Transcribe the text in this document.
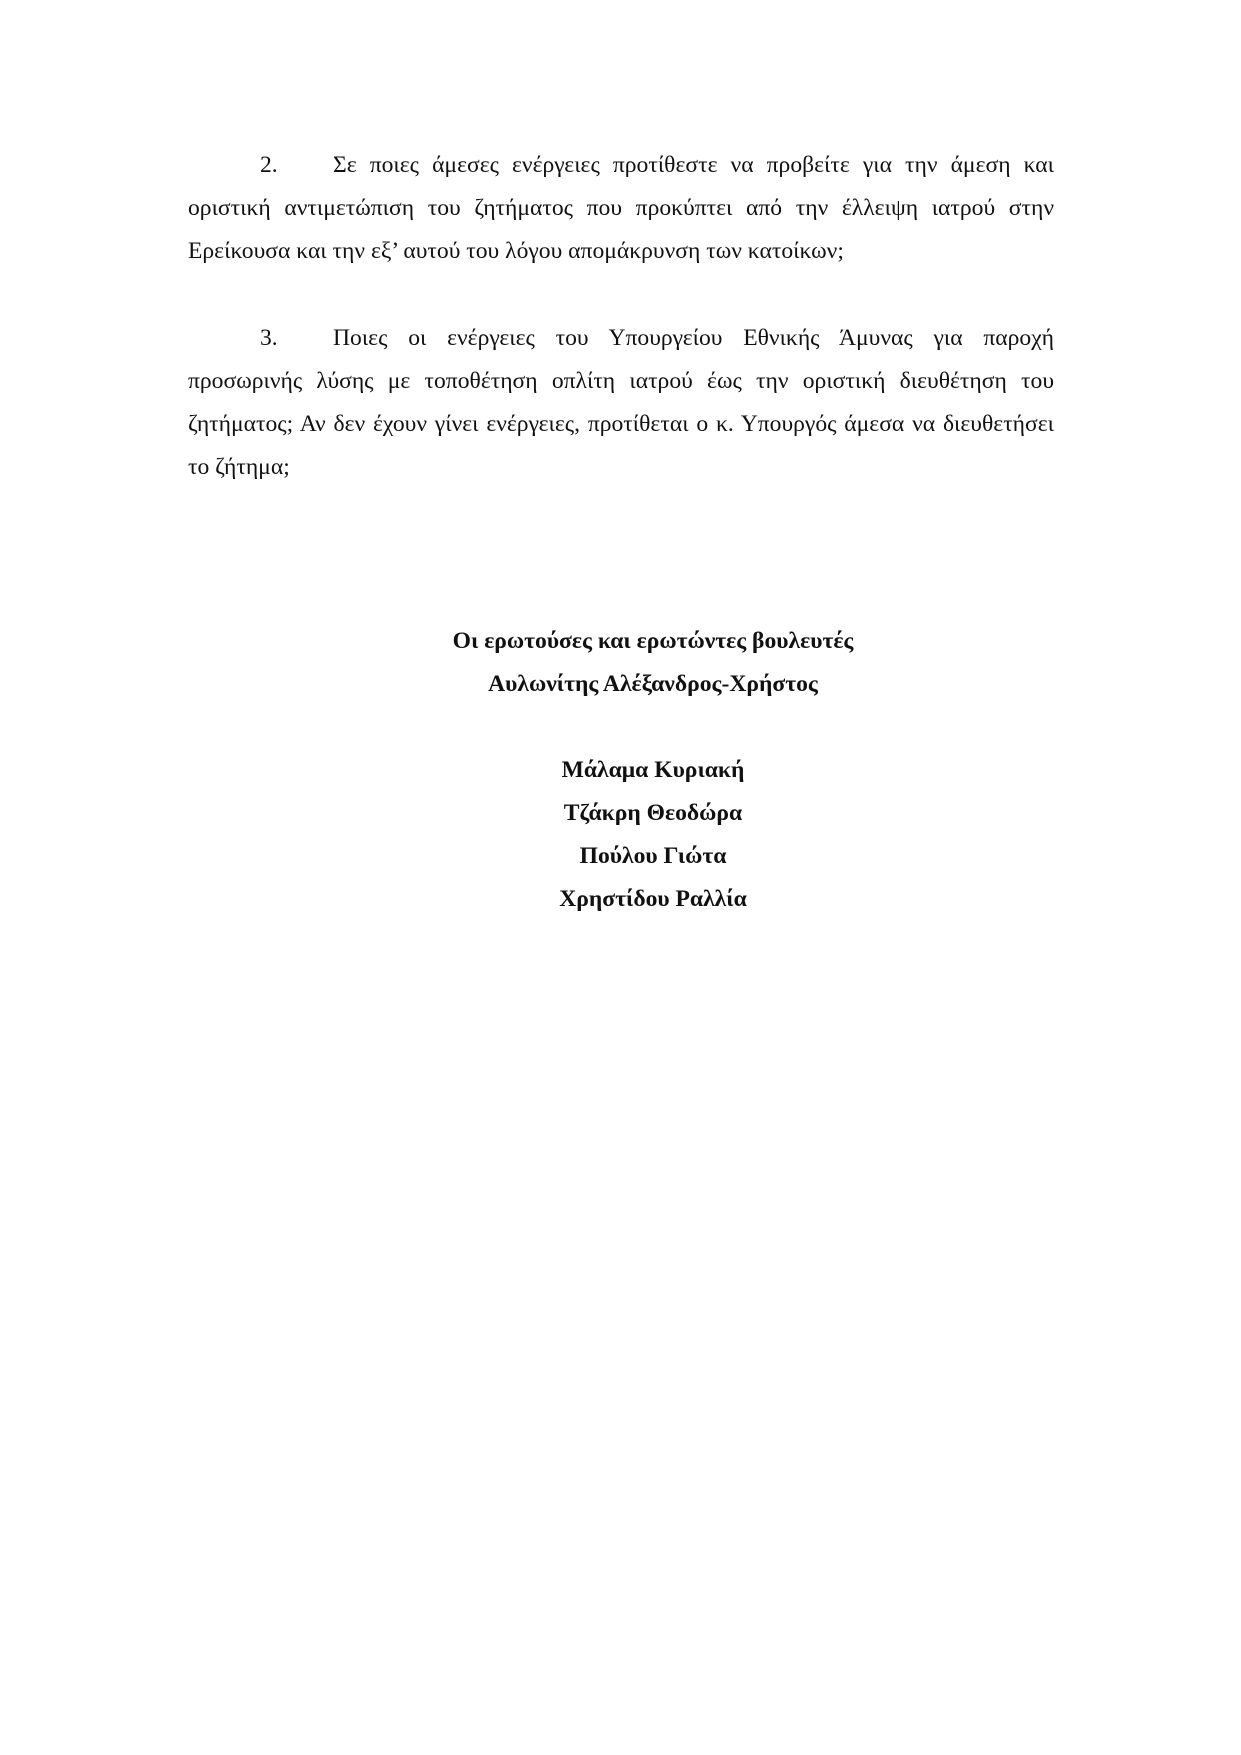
2. Σε ποιες άμεσες ενέργειες προτίθεστε να προβείτε για την άμεση και οριστική αντιμετώπιση του ζητήματος που προκύπτει από την έλλειψη ιατρού στην Ερείκουσα και την εξ’ αυτού του λόγου απομάκρυνση των κατοίκων;

3. Ποιες οι ενέργειες του Υπουργείου Εθνικής Άμυνας για παροχή προσωρινής λύσης με τοποθέτηση οπλίτη ιατρού έως την οριστική διευθέτηση του ζητήματος; Αν δεν έχουν γίνει ενέργειες, προτίθεται ο κ. Υπουργός άμεσα να διευθετήσει το ζήτημα;

Οι ερωτούσες και ερωτώντες βουλευτές
Αυλωνίτης Αλέξανδρος-Χρήστος
Μάλαμα Κυριακή
Τζάκρη Θεοδώρα
Πούλου Γιώτα
Χρηστίδου Ραλλία
